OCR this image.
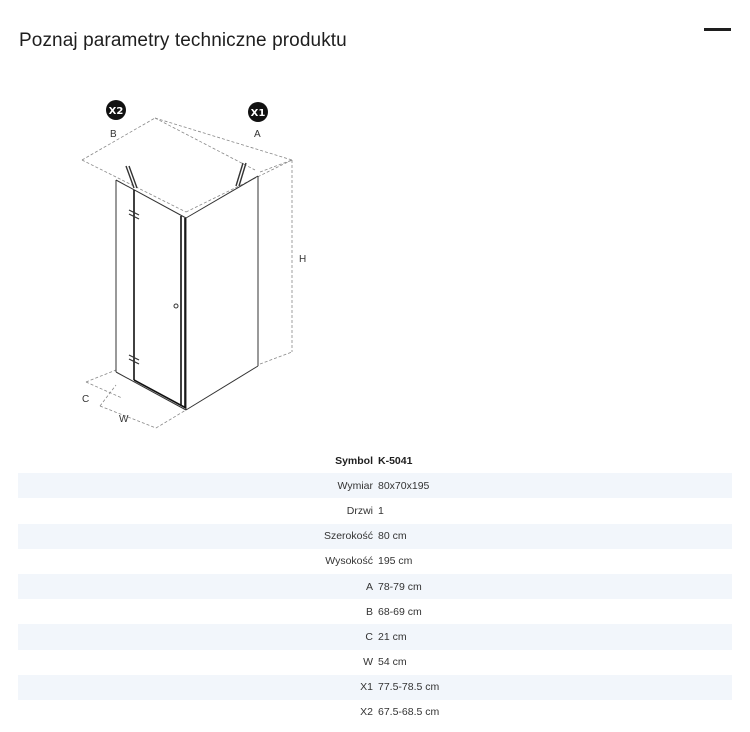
Poznaj parametry techniczne produktu
X2	X1
B	A
H
C
W
Symbol	K-5041
Wymiar	80x70x195
Drzwi	1
Szerokość	80 cm
Wysokość	195 cm
A	78-79 cm
B	68-69 cm
C	21 cm
W	54 cm
X1	77.5-78.5 cm
X2	67.5-68.5 cm
